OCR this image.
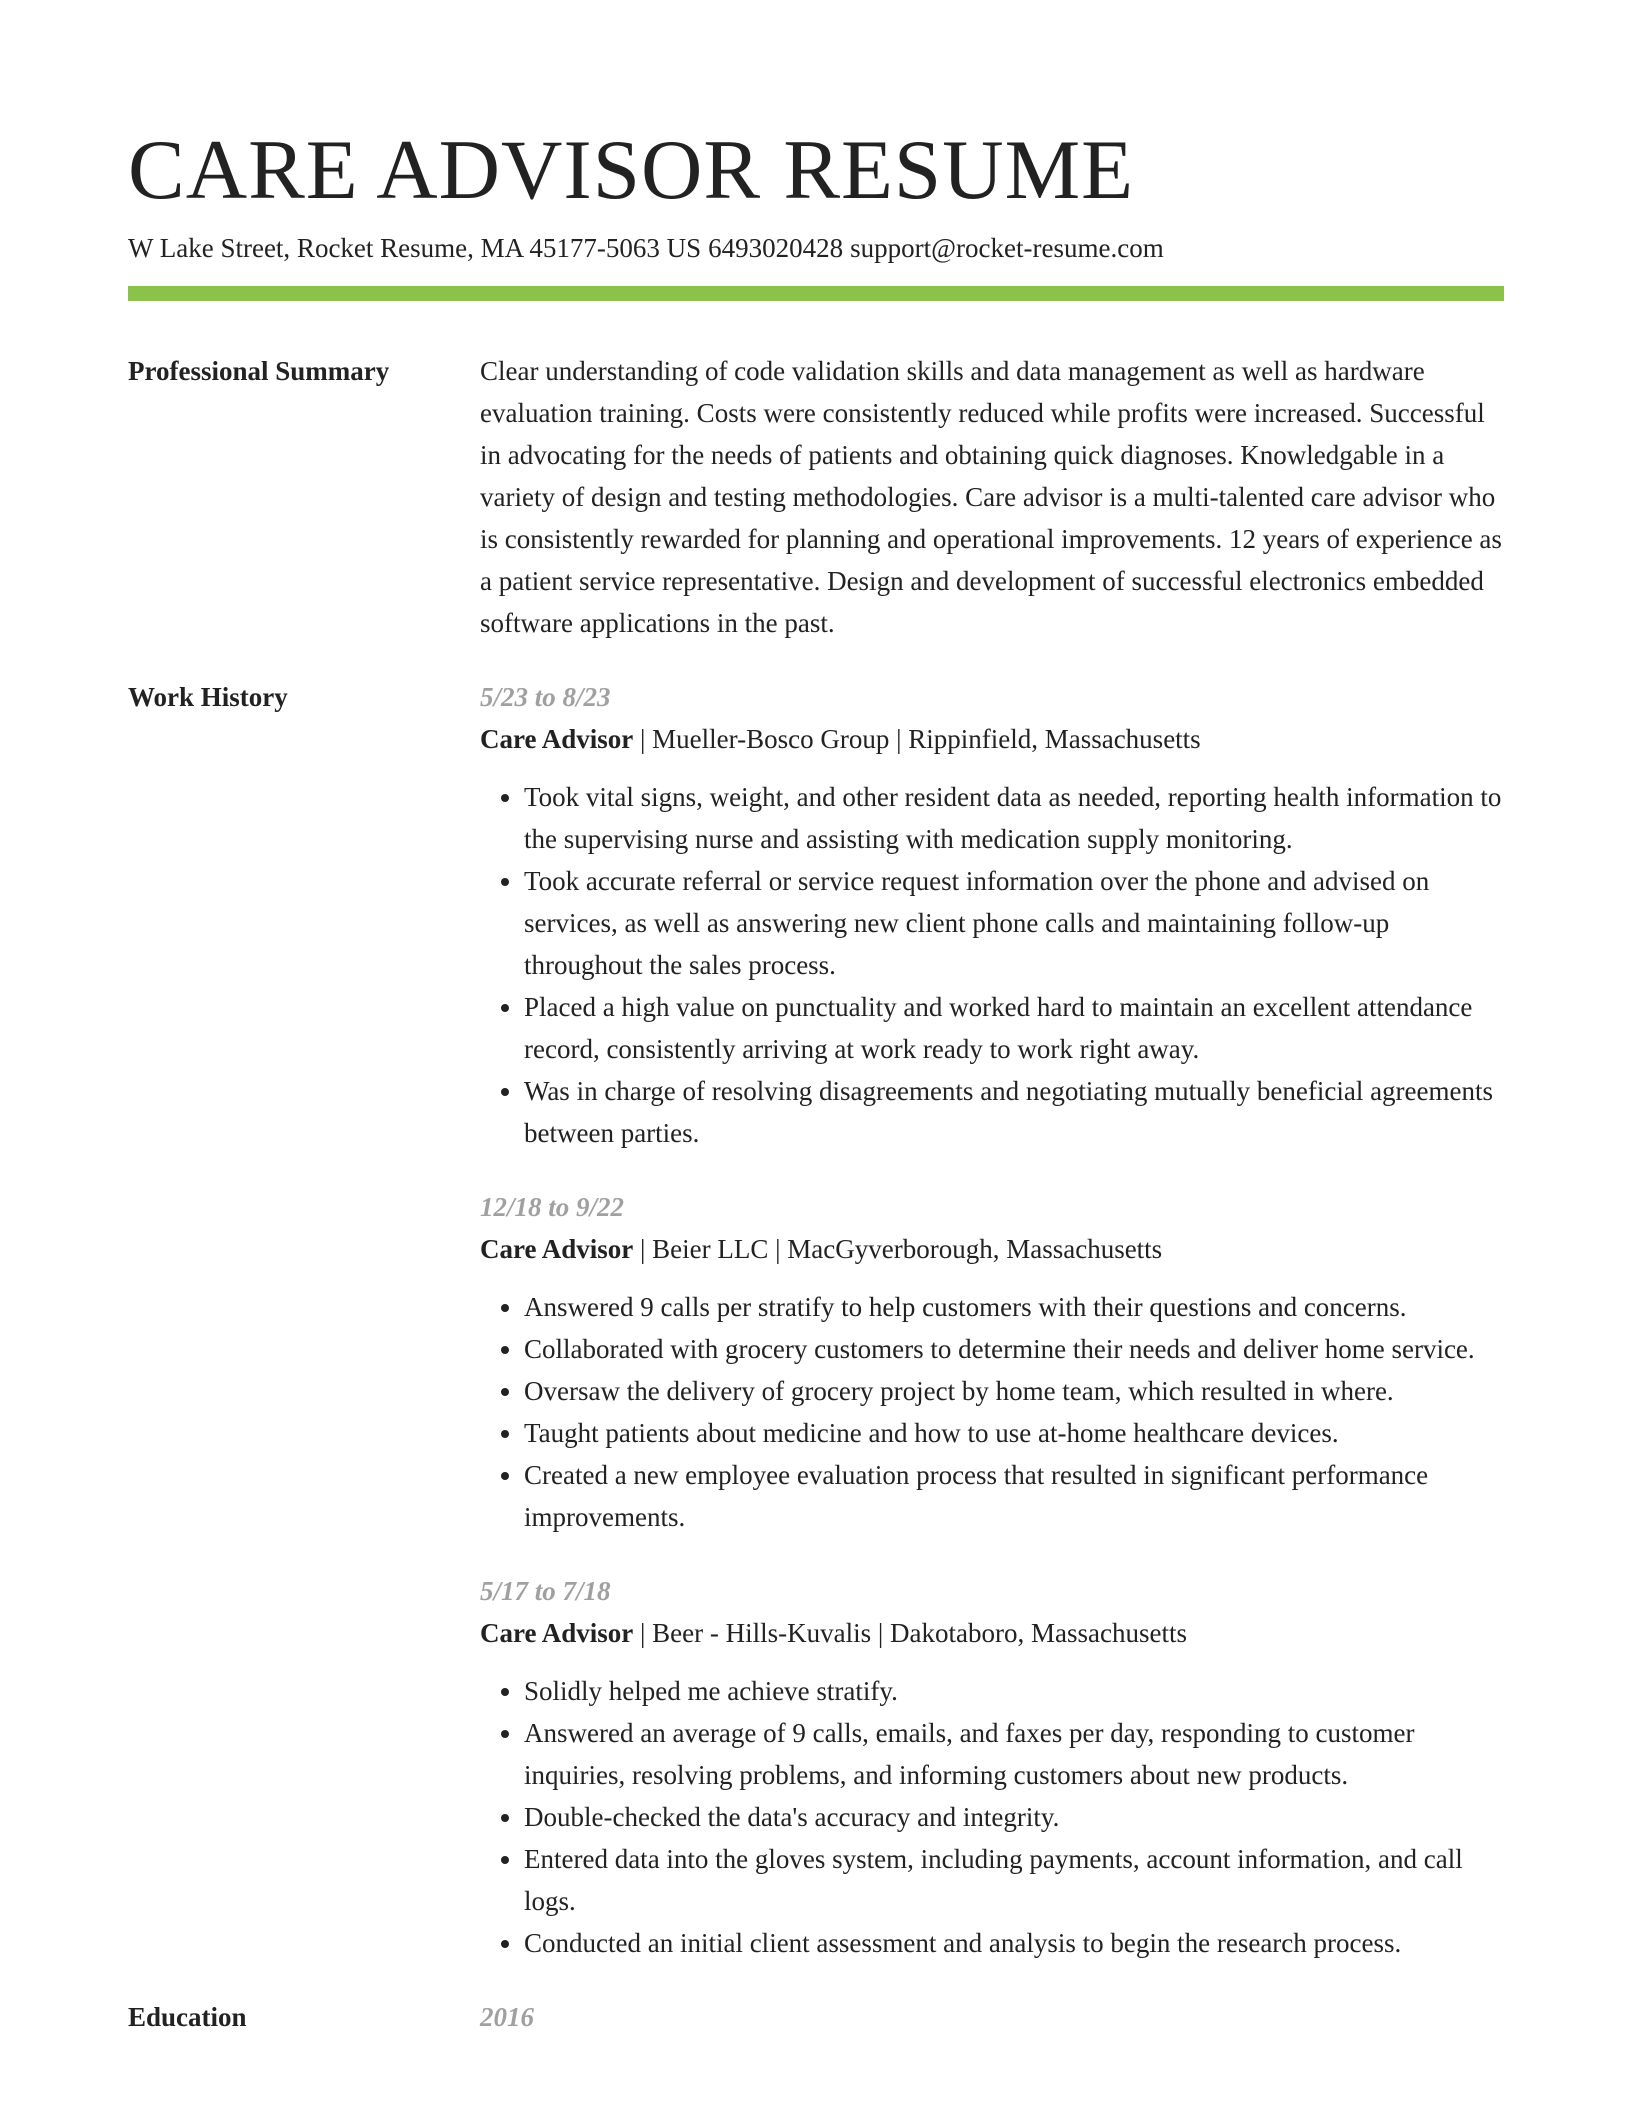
CARE ADVISOR RESUME
W Lake Street, Rocket Resume, MA 45177-5063 US 6493020428 support@rocket-resume.com
Professional Summary	Clear understanding of code validation skills and data management as well as hardware evaluation training. Costs were consistently reduced while profits were increased. Successful in advocating for the needs of patients and obtaining quick diagnoses. Knowledgable in a variety of design and testing methodologies. Care advisor is a multi-talented care advisor who is consistently rewarded for planning and operational improvements. 12 years of experience as a patient service representative. Design and development of successful electronics embedded software applications in the past.

Work History	5/23 to 8/23
Care Advisor | Mueller-Bosco Group | Rippinfield, Massachusetts
• Took vital signs, weight, and other resident data as needed, reporting health information to the supervising nurse and assisting with medication supply monitoring.
• Took accurate referral or service request information over the phone and advised on services, as well as answering new client phone calls and maintaining follow-up throughout the sales process.
• Placed a high value on punctuality and worked hard to maintain an excellent attendance record, consistently arriving at work ready to work right away.
• Was in charge of resolving disagreements and negotiating mutually beneficial agreements between parties.
12/18 to 9/22
Care Advisor | Beier LLC | MacGyverborough, Massachusetts
• Answered 9 calls per stratify to help customers with their questions and concerns.
• Collaborated with grocery customers to determine their needs and deliver home service.
• Oversaw the delivery of grocery project by home team, which resulted in where.
• Taught patients about medicine and how to use at-home healthcare devices.
• Created a new employee evaluation process that resulted in significant performance improvements.
5/17 to 7/18
Care Advisor | Beer - Hills-Kuvalis | Dakotaboro, Massachusetts
• Solidly helped me achieve stratify.
• Answered an average of 9 calls, emails, and faxes per day, responding to customer inquiries, resolving problems, and informing customers about new products.
• Double-checked the data's accuracy and integrity.
• Entered data into the gloves system, including payments, account information, and call logs.
• Conducted an initial client assessment and analysis to begin the research process.
Education	2016
